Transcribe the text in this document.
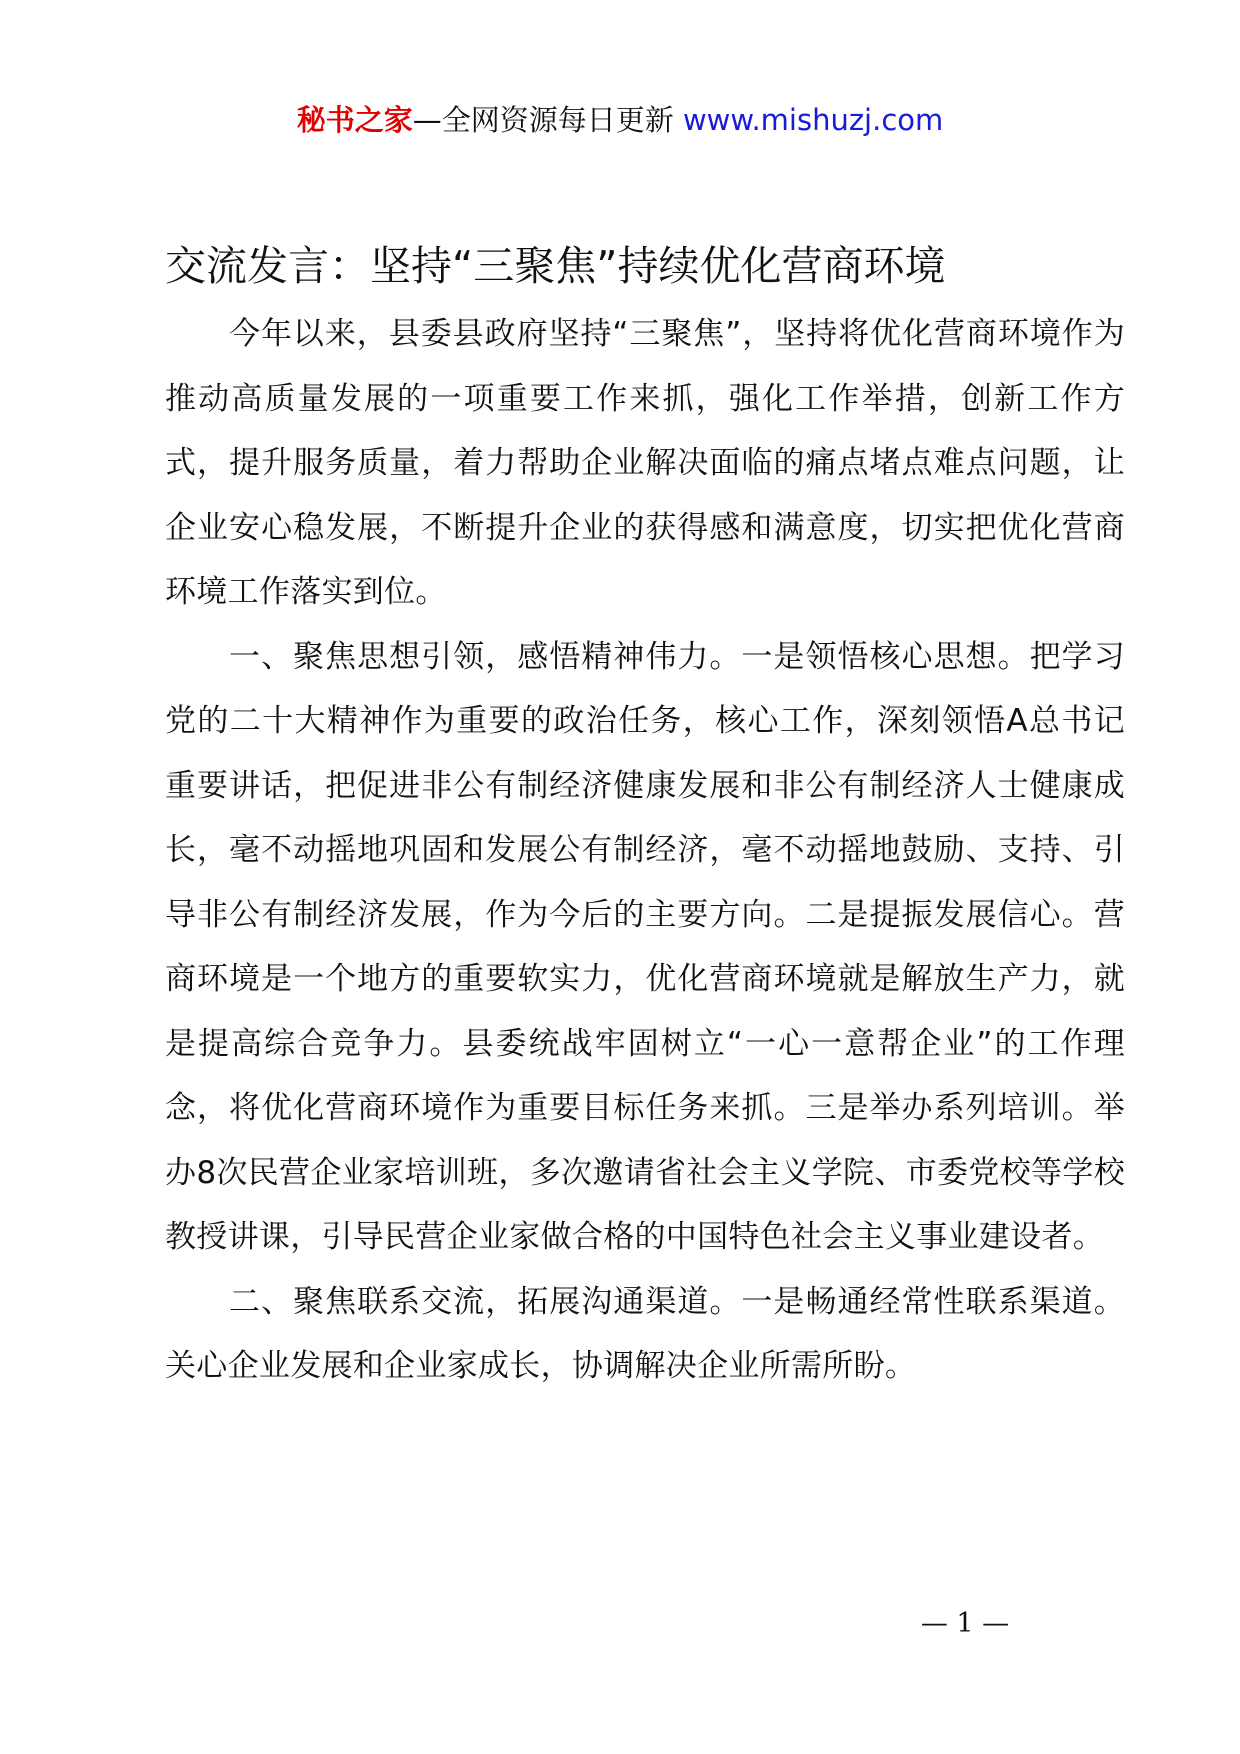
秘书之家—全网资源每日更新 www.mishuzj.com
交流发言：坚持“三聚焦”持续优化营商环境

今年以来，县委县政府坚持“三聚焦”，坚持将优化营商环境作为推动高质量发展的一项重要工作来抓，强化工作举措，创新工作方式，提升服务质量，着力帮助企业解决面临的痛点堵点难点问题，让企业安心稳发展，不断提升企业的获得感和满意度，切实把优化营商环境工作落实到位。

一、聚焦思想引领，感悟精神伟力。一是领悟核心思想。把学习党的二十大精神作为重要的政治任务，核心工作，深刻领悟A总书记重要讲话，把促进非公有制经济健康发展和非公有制经济人士健康成长，毫不动摇地巩固和发展公有制经济，毫不动摇地鼓励、支持、引导非公有制经济发展，作为今后的主要方向。二是提振发展信心。营商环境是一个地方的重要软实力，优化营商环境就是解放生产力，就是提高综合竞争力。县委统战牢固树立“一心一意帮企业”的工作理念，将优化营商环境作为重要目标任务来抓。三是举办系列培训。举办8次民营企业家培训班，多次邀请省社会主义学院、市委党校等学校教授讲课，引导民营企业家做合格的中国特色社会主义事业建设者。

二、聚焦联系交流，拓展沟通渠道。一是畅通经常性联系渠道。关心企业发展和企业家成长，协调解决企业所需所盼。

— 1 —
